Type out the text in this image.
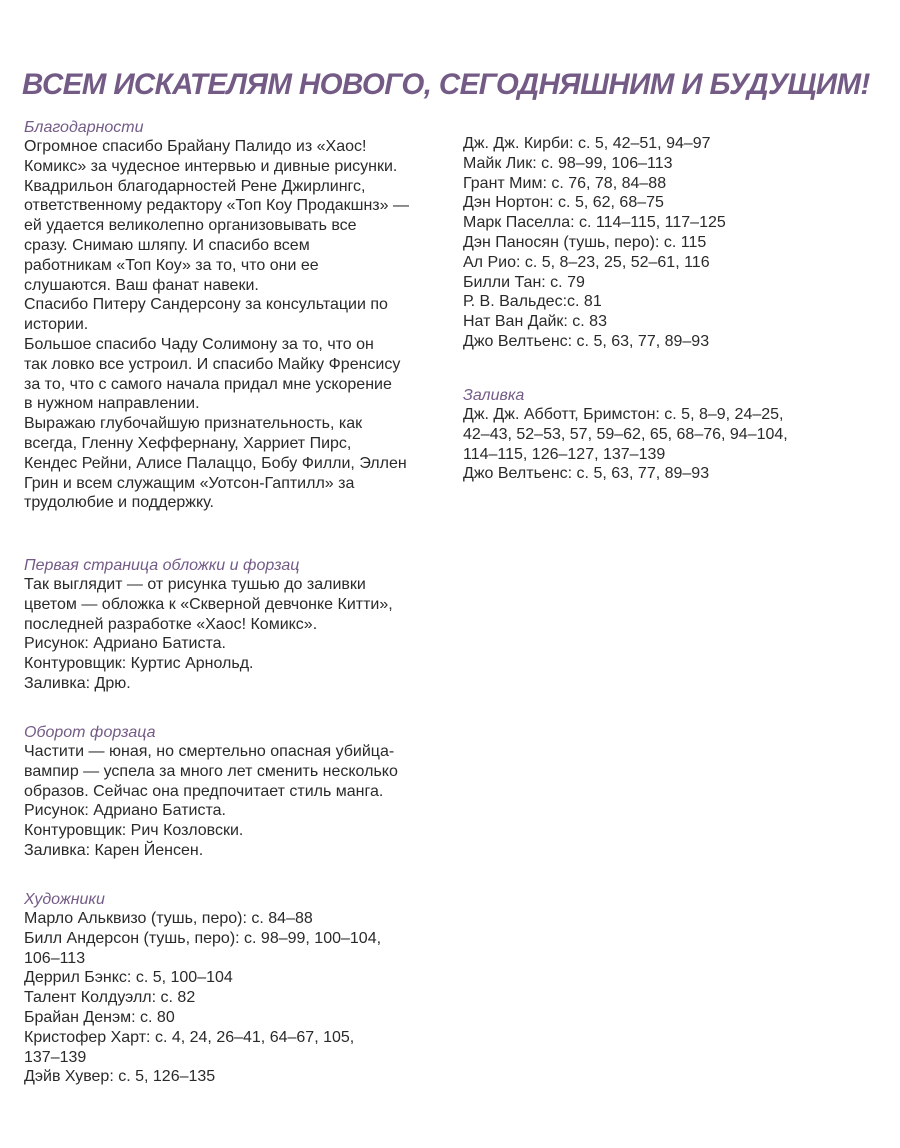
ВСЕМ ИСКАТЕЛЯМ НОВОГО, СЕГОДНЯШНИМ И БУДУЩИМ!

Благодарности

Огромное спасибо Брайану Палидо из «Хаос!

Комикс» за чудесное интервью и дивные рисунки.

Квадрильон благодарностей Рене Джирлингс,

ответственному редактору «Топ Коу Продакшнз» —

ей удается великолепно организовывать все

сразу. Снимаю шляпу. И спасибо всем

работникам «Топ Коу» за то, что они ее

слушаются. Ваш фанат навеки.

Спасибо Питеру Сандерсону за консультации по

истории.

Большое спасибо Чаду Солимону за то, что он

так ловко все устроил. И спасибо Майку Френсису

за то, что с самого начала придал мне ускорение

в нужном направлении.

Выражаю глубочайшую признательность, как

всегда, Гленну Хеффернану, Харриет Пирс,

Кендес Рейни, Алисе Палаццо, Бобу Филли, Эллен

Грин и всем служащим «Уотсон-Гаптилл» за

трудолюбие и поддержку.

Первая страница обложки и форзац

Так выглядит — от рисунка тушью до заливки

цветом — обложка к «Скверной девчонке Китти»,

последней разработке «Хаос! Комикс».

Рисунок: Адриано Батиста.

Контуровщик: Куртис Арнольд.

Заливка: Дрю.

Оборот форзаца

Частити — юная, но смертельно опасная убийца-

вампир — успела за много лет сменить несколько

образов. Сейчас она предпочитает стиль манга.

Рисунок: Адриано Батиста.

Контуровщик: Рич Козловски.

Заливка: Карен Йенсен.

Художники

Марло Альквизо (тушь, перо): с. 84–88

Билл Андерсон (тушь, перо): с. 98–99, 100–104,

106–113

Деррил Бэнкс: с. 5, 100–104

Талент Колдуэлл: с. 82

Брайан Денэм: с. 80

Кристофер Харт: с. 4, 24, 26–41, 64–67, 105,

137–139

Дэйв Хувер: с. 5, 126–135

Дж. Дж. Кирби: с. 5, 42–51, 94–97

Майк Лик: с. 98–99, 106–113

Грант Мим: с. 76, 78, 84–88

Дэн Нортон: с. 5, 62, 68–75

Марк Паселла: с. 114–115, 117–125

Дэн Паносян (тушь, перо): с. 115

Ал Рио: с. 5, 8–23, 25, 52–61, 116

Билли Тан: с. 79

Р. В. Вальдес:с. 81

Нат Ван Дайк: с. 83

Джо Велтьенс: с. 5, 63, 77, 89–93

Заливка

Дж. Дж. Абботт, Бримстон: с. 5, 8–9, 24–25,

42–43, 52–53, 57, 59–62, 65, 68–76, 94–104,

114–115, 126–127, 137–139

Джо Велтьенс: с. 5, 63, 77, 89–93
